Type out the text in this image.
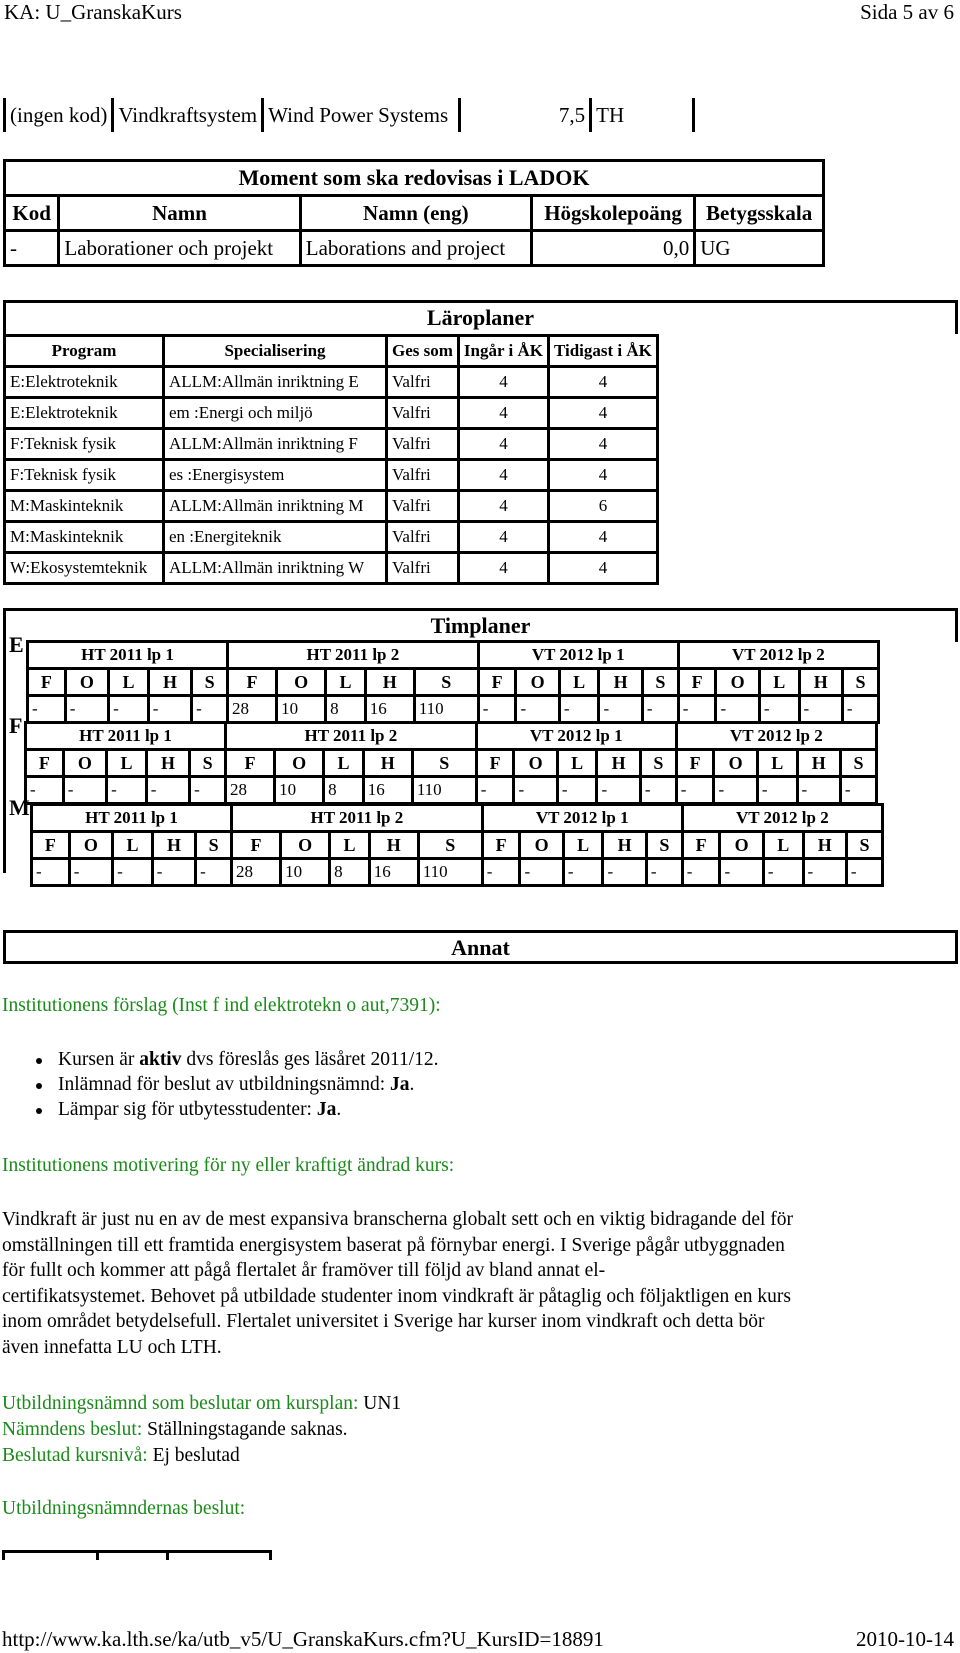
KA: U_GranskaKurs	Sida 5 av 6
(ingen kod)	Vindkraftsystem	Wind Power Systems	7,5	TH
Moment som ska redovisas i LADOK				
Kod	Namn	Namn (eng)	Högskolepoäng	Betygsskala
-	Laborationer och projekt	Laborations and project	0,0	UG
Läroplaner
Program	Specialisering	Ges som	Ingår i ÅK	Tidigast i ÅK
E:Elektroteknik	ALLM:Allmän inriktning E	Valfri	4	4
E:Elektroteknik	em :Energi och miljö	Valfri	4	4
F:Teknisk fysik	ALLM:Allmän inriktning F	Valfri	4	4
F:Teknisk fysik	es :Energisystem	Valfri	4	4
M:Maskinteknik	ALLM:Allmän inriktning M	Valfri	4	6
M:Maskinteknik	en :Energiteknik	Valfri	4	4
W:Ekosystemteknik	ALLM:Allmän inriktning W	Valfri	4	4
Timplaner
E	HT 2011 lp 1					HT 2011 lp 2					VT 2012 lp 1					VT 2012 lp 2				
F	O	L	H	S	F	O	L	H	S	F	O	L	H	S	F	O	L	H	S
-	-	-	-	-	28	10	8	16	110	-	-	-	-	-	-	-	-	-	-
F	HT 2011 lp 1					HT 2011 lp 2					VT 2012 lp 1					VT 2012 lp 2				
F	O	L	H	S	F	O	L	H	S	F	O	L	H	S	F	O	L	H	S
-	-	-	-	-	28	10	8	16	110	-	-	-	-	-	-	-	-	-	-
M	HT 2011 lp 1					HT 2011 lp 2					VT 2012 lp 1					VT 2012 lp 2				
F	O	L	H	S	F	O	L	H	S	F	O	L	H	S	F	O	L	H	S
-	-	-	-	-	28	10	8	16	110	-	-	-	-	-	-	-	-	-	-
Annat
Institutionens förslag (Inst f ind elektrotekn o aut,7391):
Kursen är aktiv dvs föreslås ges läsåret 2011/12.
Inlämnad för beslut av utbildningsnämnd: Ja.
Lämpar sig för utbytesstudenter: Ja.
Institutionens motivering för ny eller kraftigt ändrad kurs:
Vindkraft är just nu en av de mest expansiva branscherna globalt sett och en viktig bidragande del för
omställningen till ett framtida energisystem baserat på förnybar energi. I Sverige pågår utbyggnaden
för fullt och kommer att pågå flertalet år framöver till följd av bland annat el-
certifikatsystemet. Behovet på utbildade studenter inom vindkraft är påtaglig och följaktligen en kurs
inom området betydelsefull. Flertalet universitet i Sverige har kurser inom vindkraft och detta bör
även innefatta LU och LTH.
Utbildningsnämnd som beslutar om kursplan: UN1
Nämndens beslut: Ställningstagande saknas.
Beslutad kursnivå: Ej beslutad
Utbildningsnämndernas beslut:
http://www.ka.lth.se/ka/utb_v5/U_GranskaKurs.cfm?U_KursID=18891	2010-10-14
